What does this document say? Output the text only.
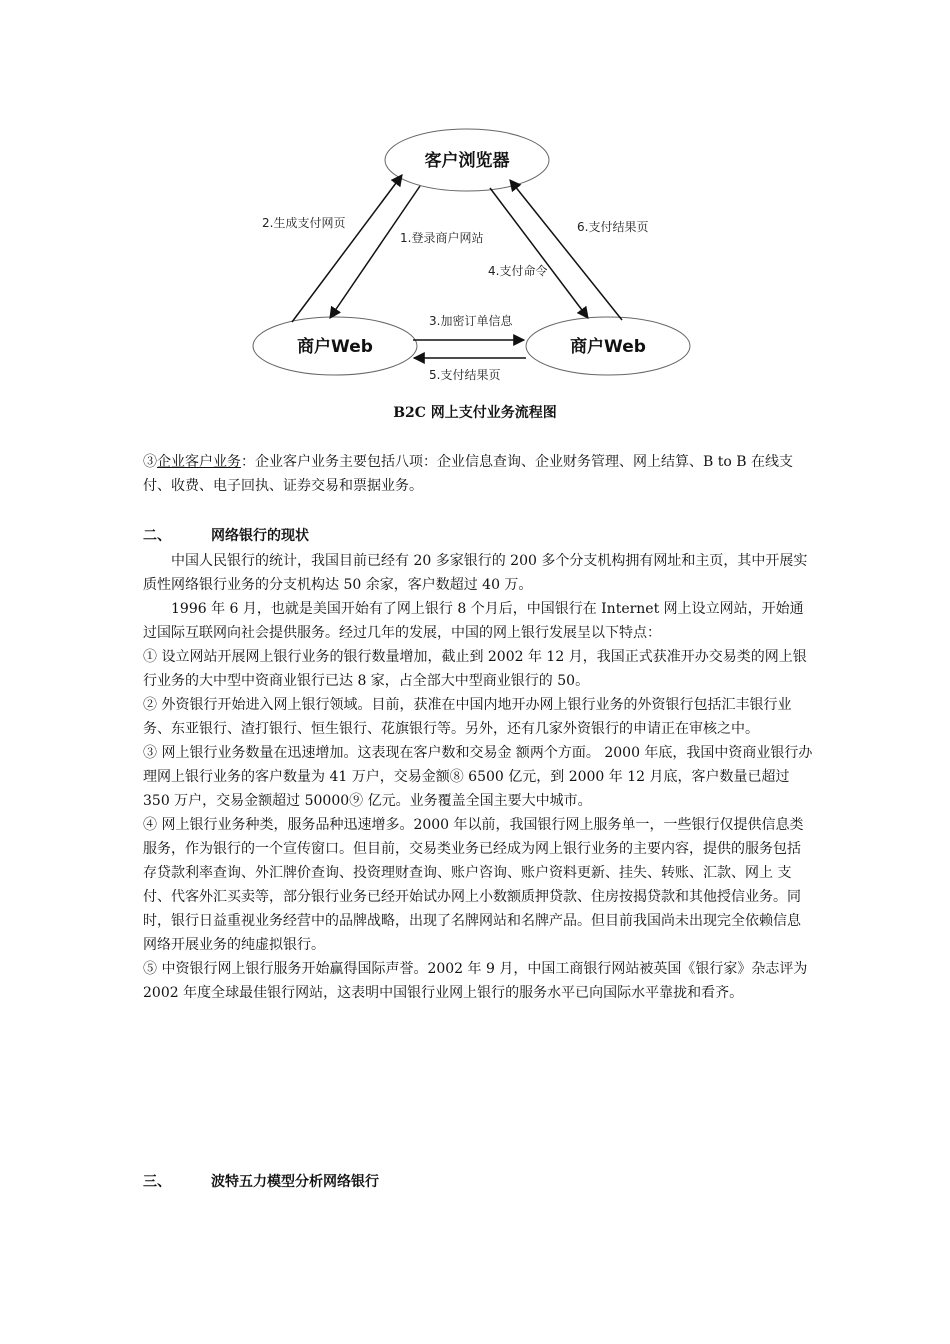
客户浏览器
商户Web	商户Web
2.生成支付网页
1.登录商户网站
4.支付命令
6.支付结果页
3.加密订单信息
5.支付结果页
B2C 网上支付业务流程图

③企业客户业务：企业客户业务主要包括八项：企业信息查询、企业财务管理、网上结算、B to B 在线支付、收费、电子回执、证券交易和票据业务。

二、	网络银行的现状

中国人民银行的统计，我国目前已经有 20 多家银行的 200 多个分支机构拥有网址和主页，其中开展实质性网络银行业务的分支机构达 50 余家，客户数超过 40 万。

1996 年 6 月，也就是美国开始有了网上银行 8 个月后，中国银行在 Internet 网上设立网站，开始通过国际互联网向社会提供服务。经过几年的发展，中国的网上银行发展呈以下特点：

① 设立网站开展网上银行业务的银行数量增加，截止到 2002 年 12 月，我国正式获准开办交易类的网上银行业务的大中型中资商业银行已达 8 家，占全部大中型商业银行的 50。

② 外资银行开始进入网上银行领域。目前，获准在中国内地开办网上银行业务的外资银行包括汇丰银行业务、东亚银行、渣打银行、恒生银行、花旗银行等。另外，还有几家外资银行的申请正在审核之中。

③ 网上银行业务数量在迅速增加。这表现在客户数和交易金 额两个方面。 2000 年底，我国中资商业银行办理网上银行业务的客户数量为 41 万户，交易金额⑧ 6500 亿元，到 2000 年 12 月底，客户数量已超过 350 万户，交易金额超过 50000⑨ 亿元。业务覆盖全国主要大中城市。

④ 网上银行业务种类，服务品种迅速增多。2000 年以前，我国银行网上服务单一，一些银行仅提供信息类服务，作为银行的一个宣传窗口。但目前，交易类业务已经成为网上银行业务的主要内容，提供的服务包括存贷款利率查询、外汇牌价查询、投资理财查询、账户咨询、账户资料更新、挂失、转账、汇款、网上 支付、代客外汇买卖等，部分银行业务已经开始试办网上小数额质押贷款、住房按揭贷款和其他授信业务。同时，银行日益重视业务经营中的品牌战略，出现了名牌网站和名牌产品。但目前我国尚未出现完全依赖信息网络开展业务的纯虚拟银行。

⑤ 中资银行网上银行服务开始赢得国际声誉。2002 年 9 月，中国工商银行网站被英国《银行家》杂志评为 2002 年度全球最佳银行网站，这表明中国银行业网上银行的服务水平已向国际水平靠拢和看齐。

三、	波特五力模型分析网络银行
